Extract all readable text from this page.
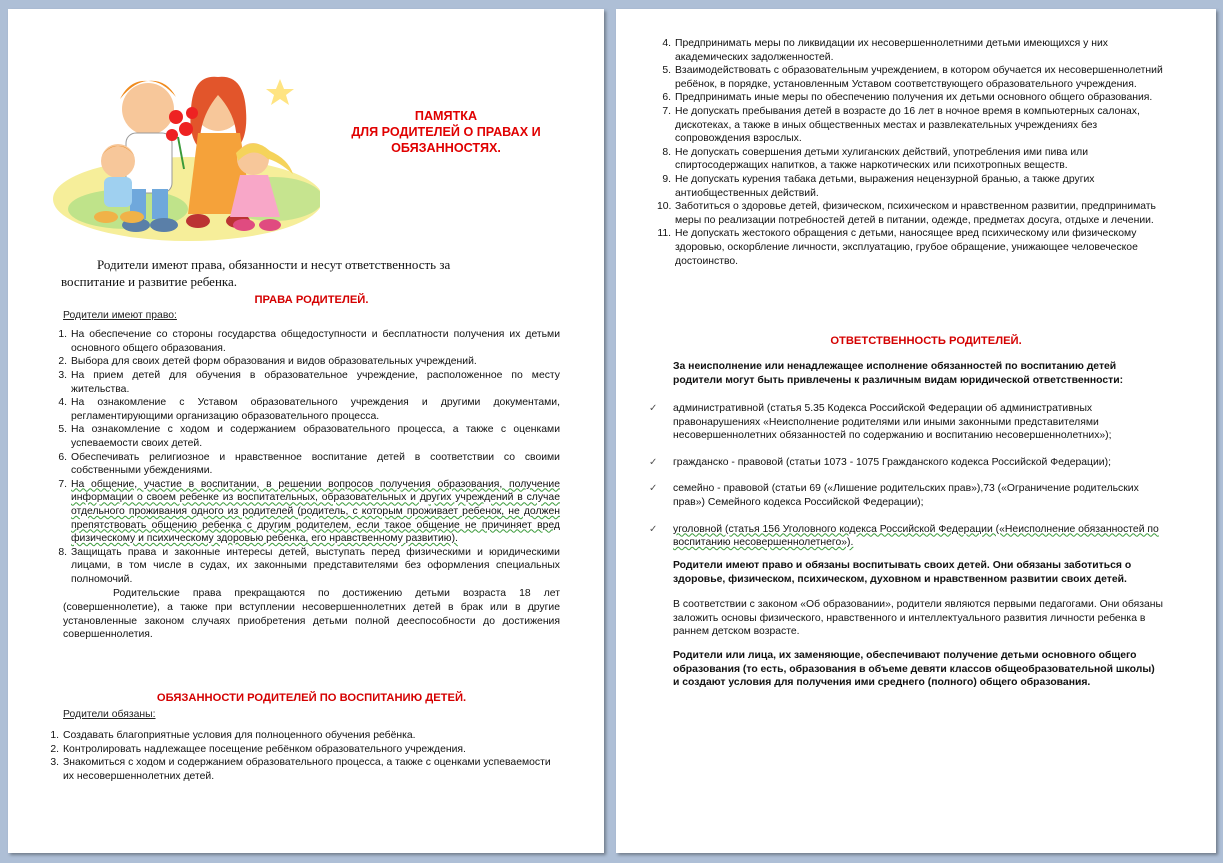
ПАМЯТКА
ДЛЯ РОДИТЕЛЕЙ О ПРАВАХ И ОБЯЗАННОСТЯХ.
Родители имеют права, обязанности и несут ответственность за воспитание и развитие ребенка.
ПРАВА РОДИТЕЛЕЙ.
Родители имеют право:
1. На обеспечение со стороны государства общедоступности и бесплатности получения их детьми основного общего образования.
2. Выбора для своих детей форм образования и видов образовательных учреждений.
3. На прием детей для обучения в образовательное учреждение, расположенное по месту жительства.
4. На ознакомление с Уставом образовательного учреждения и другими документами, регламентирующими организацию образовательного процесса.
5. На ознакомление с ходом и содержанием образовательного процесса, а также с оценками успеваемости своих детей.
6. Обеспечивать религиозное и нравственное воспитание детей в соответствии со своими собственными убеждениями.
7. На общение, участие в воспитании, в решении вопросов получения образования, получение информации о своем ребенке из воспитательных, образовательных и других учреждений в случае отдельного проживания одного из родителей (родитель, с которым проживает ребенок, не должен препятствовать общению ребенка с другим родителем, если такое общение не причиняет вред физическому и психическому здоровью ребенка, его нравственному развитию).
8. Защищать права и законные интересы детей, выступать перед физическими и юридическими лицами, в том числе в судах, их законными представителями без оформления специальных полномочий.
Родительские права прекращаются по достижению детьми возраста 18 лет (совершеннолетие), а также при вступлении несовершеннолетних детей в брак или в другие установленные законом случаях приобретения детьми полной дееспособности до достижения совершеннолетия.
ОБЯЗАННОСТИ РОДИТЕЛЕЙ ПО ВОСПИТАНИЮ ДЕТЕЙ.
Родители обязаны:
1. Создавать благоприятные условия для полноценного обучения ребёнка.
2. Контролировать надлежащее посещение ребёнком образовательного учреждения.
3. Знакомиться с ходом и содержанием образовательного процесса, а также с оценками успеваемости их несовершеннолетних детей.
4. Предпринимать меры по ликвидации их несовершеннолетними детьми имеющихся у них академических задолженностей.
5. Взаимодействовать с образовательным учреждением, в котором обучается их несовершеннолетний ребёнок, в порядке, установленным Уставом соответствующего образовательного учреждения.
6. Предпринимать иные меры по обеспечению получения их детьми основного общего образования.
7. Не допускать пребывания детей в возрасте до 16 лет в ночное время в компьютерных салонах, дискотеках, а также в иных общественных местах и развлекательных учреждениях без сопровождения взрослых.
8. Не допускать совершения детьми хулиганских действий, употребления ими пива или спиртосодержащих напитков, а также наркотических или психотропных веществ.
9. Не допускать курения табака детьми, выражения нецензурной бранью, а также других антиобщественных действий.
10. Заботиться о здоровье детей, физическом, психическом и нравственном развитии, предпринимать меры по реализации потребностей детей в питании, одежде, предметах досуга, отдыхе и лечении.
11. Не допускать жестокого обращения с детьми, наносящее вред психическому или физическому здоровью, оскорбление личности, эксплуатацию, грубое обращение, унижающее человеческое достоинство.
ОТВЕТСТВЕННОСТЬ РОДИТЕЛЕЙ.
За неисполнение или ненадлежащее исполнение обязанностей по воспитанию детей родители могут быть привлечены к различным видам юридической ответственности:
✓ административной (статья 5.35 Кодекса Российской Федерации об административных правонарушениях «Неисполнение родителями или иными законными представителями несовершеннолетних обязанностей по содержанию и воспитанию несовершеннолетних»);
✓ гражданско - правовой (статьи 1073 - 1075 Гражданского кодекса Российской Федерации);
✓ семейно - правовой (статьи 69 («Лишение родительских прав»),73 («Ограничение родительских прав») Семейного кодекса Российской Федерации);
✓ уголовной (статья 156 Уголовного кодекса Российской Федерации («Неисполнение обязанностей по воспитанию несовершеннолетнего»).
Родители имеют право и обязаны воспитывать своих детей. Они обязаны заботиться о здоровье, физическом, психическом, духовном и нравственном развитии своих детей.
В соответствии с законом «Об образовании», родители являются первыми педагогами. Они обязаны заложить основы физического, нравственного и интеллектуального развития личности ребенка в раннем детском возрасте.
Родители или лица, их заменяющие, обеспечивают получение детьми основного общего образования (то есть, образования в объеме девяти классов общеобразовательной школы) и создают условия для получения ими среднего (полного) общего образования.
